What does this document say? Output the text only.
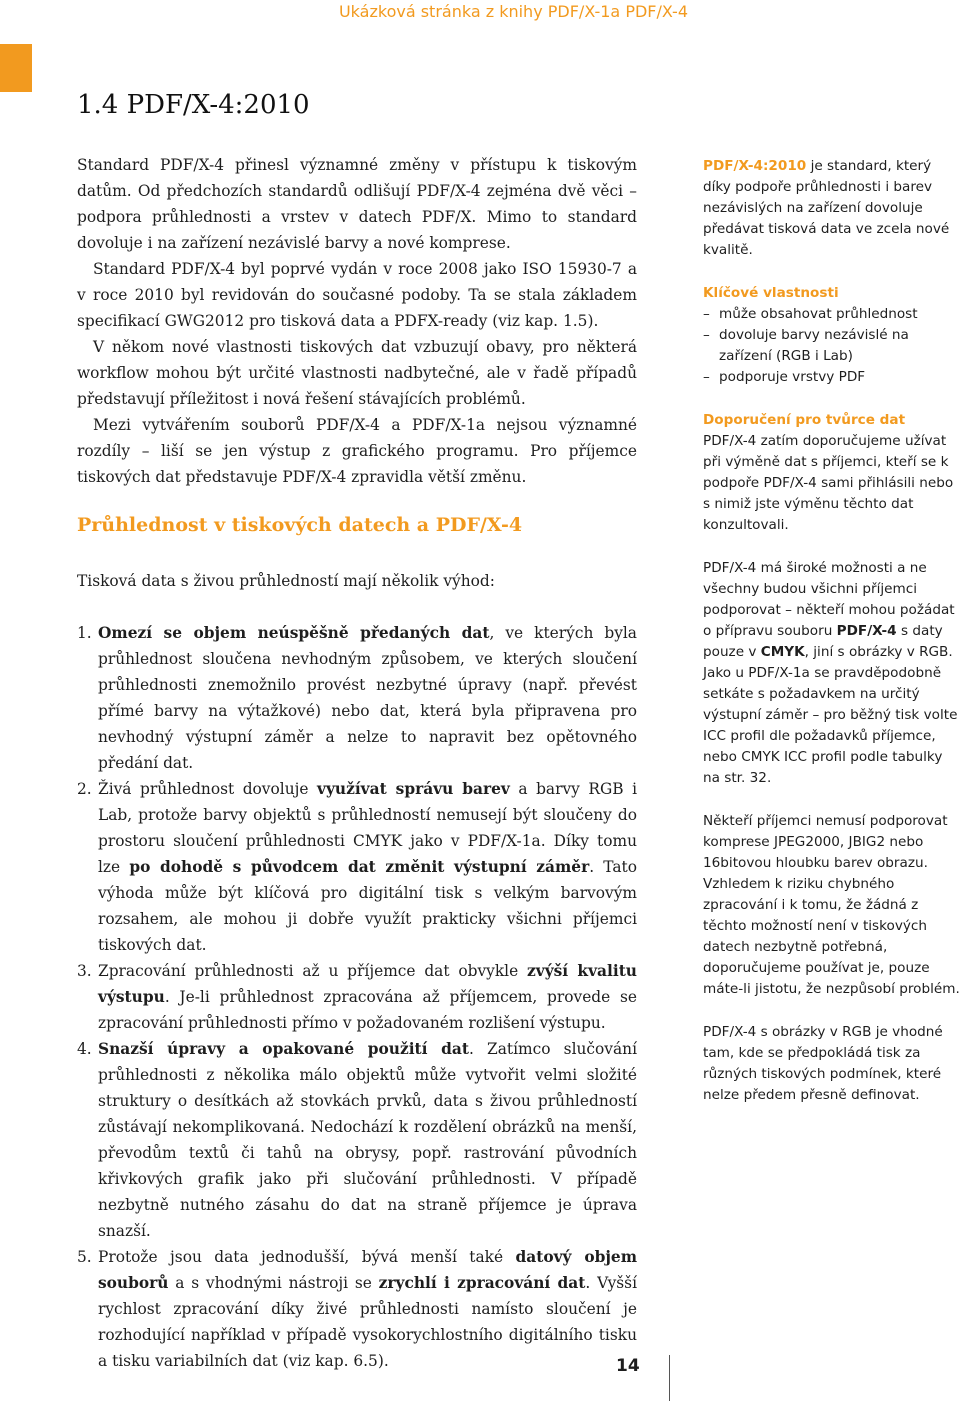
Ukázková stránka z knihy PDF/X-1a PDF/X-4
1.4 PDF/X-4:2010

Standard PDF/X-4 přinesl významné změny v přístupu k tiskovým datům. Od předchozích standardů odlišují PDF/X-4 zejména dvě věci – podpora průhlednosti a vrstev v datech PDF/X. Mimo to standard dovoluje i na zařízení nezávislé barvy a nové komprese.

Standard PDF/X-4 byl poprvé vydán v roce 2008 jako ISO 15930-7 a v roce 2010 byl revidován do současné podoby. Ta se stala základem specifikací GWG2012 pro tisková data a PDFX-ready (viz kap. 1.5).

V někom nové vlastnosti tiskových dat vzbuzují obavy, pro některá workflow mohou být určité vlastnosti nadbytečné, ale v řadě případů představují příležitost i nová řešení stávajících problémů.

Mezi vytvářením souborů PDF/X-4 a PDF/X-1a nejsou významné rozdíly – liší se jen výstup z grafického programu. Pro příjemce tiskových dat představuje PDF/X-4 zpravidla větší změnu.

Průhlednost v tiskových datech a PDF/X-4

Tisková data s živou průhledností mají několik výhod:

1. Omezí se objem neúspěšně předaných dat, ve kterých byla průhlednost sloučena nevhodným způsobem, ve kterých sloučení průhlednosti znemožnilo provést nezbytné úpravy (např. převést přímé barvy na výtažkové) nebo dat, která byla připravena pro nevhodný výstupní záměr a nelze to napravit bez opětovného předání dat.
2. Živá průhlednost dovoluje využívat správu barev a barvy RGB i Lab, protože barvy objektů s průhledností nemusejí být sloučeny do prostoru sloučení průhlednosti CMYK jako v PDF/X-1a. Díky tomu lze po dohodě s původcem dat změnit výstupní záměr. Tato výhoda může být klíčová pro digitální tisk s velkým barvovým rozsahem, ale mohou ji dobře využít prakticky všichni příjemci tiskových dat.
3. Zpracování průhlednosti až u příjemce dat obvykle zvýší kvalitu výstupu. Je-li průhlednost zpracována až příjemcem, provede se zpracování průhlednosti přímo v požadovaném rozlišení výstupu.
4. Snazší úpravy a opakované použití dat. Zatímco slučování průhlednosti z několika málo objektů může vytvořit velmi složité struktury o desítkách až stovkách prvků, data s živou průhledností zůstávají nekomplikovaná. Nedochází k rozdělení obrázků na menší, převodům textů či tahů na obrysy, popř. rastrování původních křivkových grafik jako při slučování průhlednosti. V případě nezbytně nutného zásahu do dat na straně příjemce je úprava snazší.
5. Protože jsou data jednodušší, bývá menší také datový objem souborů a s vhodnými nástroji se zrychlí i zpracování dat. Vyšší rychlost zpracování díky živé průhlednosti namísto sloučení je rozhodující například v případě vysokorychlostního digitálního tisku a tisku variabilních dat (viz kap. 6.5).

PDF/X-4:2010 je standard, který díky podpoře průhlednosti i barev nezávislých na zařízení dovoluje předávat tisková data ve zcela nové kvalitě.

Klíčové vlastnosti

– může obsahovat průhlednost
– dovoluje barvy nezávislé na zařízení (RGB i Lab)
– podporuje vrstvy PDF

Doporučení pro tvůrce dat
PDF/X-4 zatím doporučujeme užívat při výměně dat s příjemci, kteří se k podpoře PDF/X-4 sami přihlásili nebo s nimiž jste výměnu těchto dat konzultovali.

PDF/X-4 má široké možnosti a ne všechny budou všichni příjemci podporovat – někteří mohou požádat o přípravu souboru PDF/X-4 s daty pouze v CMYK, jiní s obrázky v RGB. Jako u PDF/X-1a se pravděpodobně setkáte s požadavkem na určitý výstupní záměr – pro běžný tisk volte ICC profil dle požadavků příjemce, nebo CMYK ICC profil podle tabulky na str. 32.

Někteří příjemci nemusí podporovat komprese JPEG2000, JBIG2 nebo 16bitovou hloubku barev obrazu. Vzhledem k riziku chybného zpracování i k tomu, že žádná z těchto možností není v tiskových datech nezbytně potřebná, doporučujeme používat je, pouze máte-li jistotu, že nezpůsobí problém.

PDF/X-4 s obrázky v RGB je vhodné tam, kde se předpokládá tisk za různých tiskových podmínek, které nelze předem přesně definovat.

14
